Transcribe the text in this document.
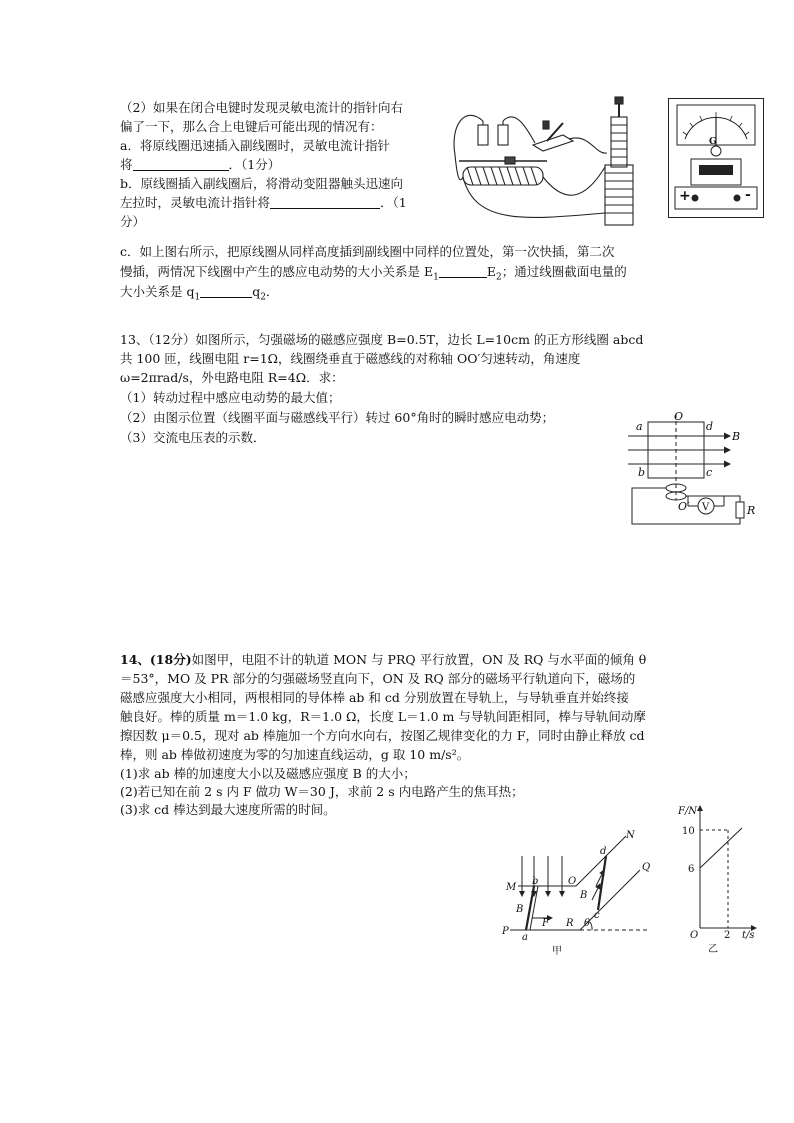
（2）如果在闭合电键时发现灵敏电流计的指针向右
偏了一下，那么合上电键后可能出现的情况有：
a．将原线圈迅速插入副线圈时，灵敏电流计指针
将	．（1分）
b．原线圈插入副线圈后，将滑动变阻器触头迅速向
左拉时，灵敏电流计指针将	．（1
分）
c．如上图右所示，把原线圈从同样高度插到副线圈中同样的位置处，第一次快插，第二次
慢插，两情况下线圈中产生的感应电动势的大小关系是 $E_1$	$E_2$；通过线圈截面电量的
大小关系是 $q_1$	$q_2$．
G
+	-
13、（12分）如图所示，匀强磁场的磁感应强度 B=0.5T，边长 L=10cm 的正方形线圈 abcd
共 100 匝，线圈电阻 r=1Ω，线圈绕垂直于磁感线的对称轴 OO′匀速转动，角速度
ω=2πrad/s，外电路电阻 R=4Ω．求：
（1）转动过程中感应电动势的最大值；
（2）由图示位置（线圈平面与磁感线平行）转过 60°角时的瞬时感应电动势；
（3）交流电压表的示数．
a
O
d
B
b	c
O′ V	R
14、(18分)如图甲，电阻不计的轨道 MON 与 PRQ 平行放置，ON 及 RQ 与水平面的倾角 θ
＝53°，MO 及 PR 部分的匀强磁场竖直向下，ON 及 RQ 部分的磁场平行轨道向下，磁场的
磁感应强度大小相同，两根相同的导体棒 ab 和 cd 分别放置在导轨上，与导轨垂直并始终接
触良好。棒的质量 m＝1.0 kg，R＝1.0 Ω，长度 L＝1.0 m 与导轨间距相同，棒与导轨间动摩
擦因数 μ＝0.5，现对 ab 棒施加一个方向水向右，按图乙规律变化的力 F，同时由静止释放 cd
棒，则 ab 棒做初速度为零的匀加速直线运动，g 取 10 m/s²。
(1)求 ab 棒的加速度大小以及磁感应强度 B 的大小；
(2)若已知在前 2 s 内 F 做功 W＝30 J，求前 2 s 内电路产生的焦耳热；
(3)求 cd 棒达到最大速度所需的时间。
M
O
N
P
R
Q
a
b
c
d
B
B
F	θ
甲
F/N
10
6
O	2 t/s
乙
